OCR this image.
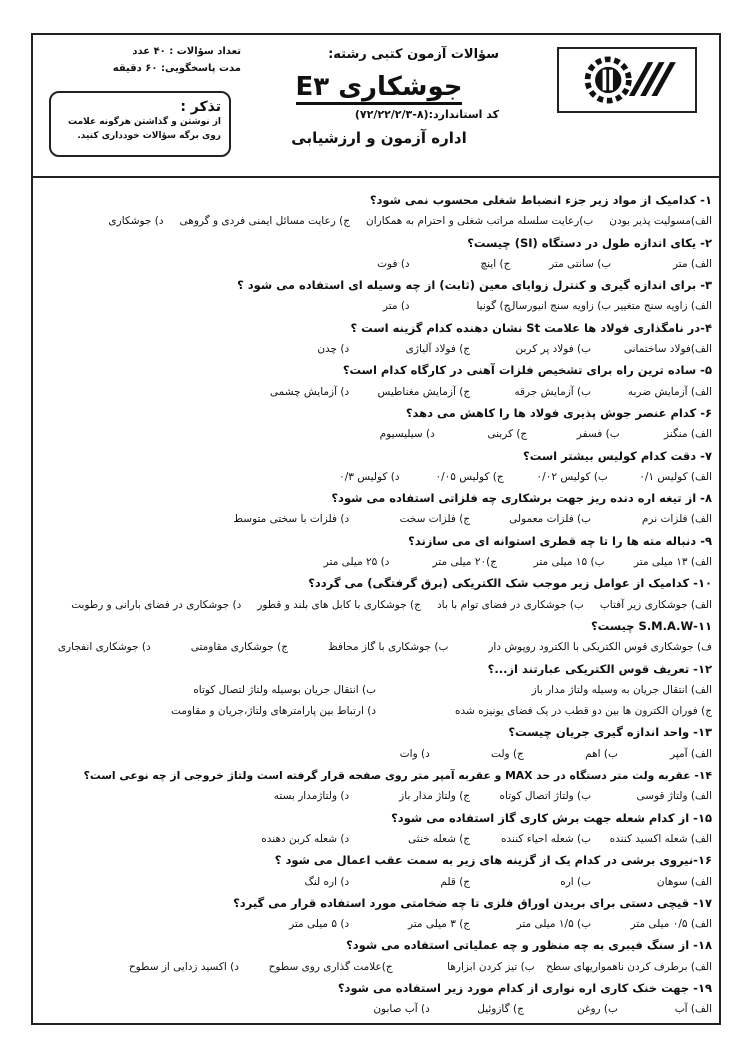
تعداد سؤالات : ۴۰ عدد
مدت پاسخگویی: ۶۰ دقیقه
تذکر :
از نوشتن و گذاشتن هرگونه علامت
روی برگه سؤالات خودداری کنید.
سؤالات آزمون کتبی رشته:
جوشکاری E۳
کد استاندارد:(۸-۷۲/۲۲/۲/۳)
اداره آزمون و ارزشیابی
۱- کدامیک از مواد زیر جزء انضباط شغلی محسوب نمی شود؟
الف)مسولیت پذیر بودن
ب)رعایت سلسله مراتب شغلی و احترام به همکاران
ج) رعایت مسائل ایمنی فردی و گروهی
د) جوشکاری
۲- یکای اندازه طول در دستگاه (SI) چیست؟
الف) متر
ب) سانتی متر
ج) اینچ
د) فوت
۳- برای اندازه گیری و کنترل زوایای معین (ثابت) از چه وسیله ای استفاده می شود ؟
الف) زاویه سنج متغییر
ب) زاویه سنج انیورسال
ج) گونیا
د) متر
۴-در نامگذاری فولاد ها علامت St نشان دهنده کدام گزینه است ؟
الف)فولاد ساختمانی
ب) فولاد پر کربن
ج) فولاد آلیاژی
د) چدن
۵- ساده ترین راه برای تشخیص فلزات آهنی در کارگاه کدام است؟
الف) آزمایش ضربه
ب) آزمایش جرقه
ج) آزمایش مغناطیس
د) آزمایش چشمی
۶- کدام عنصر جوش پذیری فولاد ها را کاهش می دهد؟
الف) منگنز
ب) فسفر
ج) کربنی
د) سیلیسیوم
۷- دقت کدام کولیس بیشتر است؟
الف) کولیس ۰/۱
ب) کولیس ۰/۰۲
ج) کولیس ۰/۰۵
د) کولیس ۰/۳
۸- از تیغه اره دنده ریز جهت برشکاری چه فلزاتی استفاده می شود؟
الف) فلزات نرم
ب) فلزات معمولی
ج) فلزات سخت
د) فلزات با سختی متوسط
۹- دنباله مته ها را تا چه قطری استوانه ای می سازند؟
الف) ۱۳ میلی متر
ب) ۱۵ میلی متر
ج)۲۰ میلی متر
د) ۲۵ میلی متر
۱۰- کدامیک از عوامل زیر موجب شک الکتریکی (برق گرفتگی) می گردد؟
الف) جوشکاری زیر آفتاب
ب) جوشکاری در فضای توام با باد
ج) جوشکاری با کابل های بلند و قطور
د) جوشکاری در فضای بارانی و رطوبت
۱۱-S.M.A.W چیست؟
ف) جوشکاری قوس الکتریکی با الکترود روپوش دار
ب) جوشکاری با گاز محافظ
ج) جوشکاری مقاومتی
د) جوشکاری انفجاری
۱۲- تعریف قوس الکتریکی عبارتند از...؟
الف) انتقال جریان به وسیله ولتاژ مدار باز
ب) انتقال جریان بوسیله ولتاژ لتصال کوتاه
ج) فوران الکترون ها بین دو قطب در یک فضای یونیزه شده
د) ارتباط بین پارامترهای ولتاژ،جریان و مقاومت
۱۳- واحد اندازه گیری جریان چیست؟
الف) آمپر
ب) اهم
ج) ولت
د) وات
۱۴- عقربه ولت متر دستگاه در حد MAX و عقربه آمپر متر روی صفحه قرار گرفته است ولتاژ خروجی از چه نوعی است؟
الف) ولتاژ قوسی
ب) ولتاژ اتصال کوتاه
ج) ولتاژ مدار باز
د) ولتاژمدار بسته
۱۵- از کدام شعله جهت برش کاری گاز استفاده می شود؟
الف) شعله اکسید کننده
ب) شعله احیاء کننده
ج) شعله خنثی
د) شعله کربن دهنده
۱۶-نیروی برشی در کدام یک از گزینه های زیر به سمت عقب اعمال می شود ؟
الف) سوهان
ب) اره
ج) قلم
د) اره لنگ
۱۷- قیچی دستی برای بریدن اوراق فلزی تا چه ضخامتی مورد استفاده قرار می گیرد؟
الف) ۰/۵ میلی متر
ب) ۱/۵ میلی متر
ج) ۳ میلی متر
د) ۵ میلی متر
۱۸- از سنگ فیبری به چه منظور و چه عملیاتی استفاده می شود؟
الف) برطرف کردن ناهمواریهای سطح
ب) تیز کردن ابزارها
ج)علامت گذاری روی سطوح
د) اکسید زدایی از سطوح
۱۹- جهت خنک کاری اره نواری از کدام مورد زیر استفاده می شود؟
الف) آب
ب) روغن
ج) گازوئیل
د) آب صابون
